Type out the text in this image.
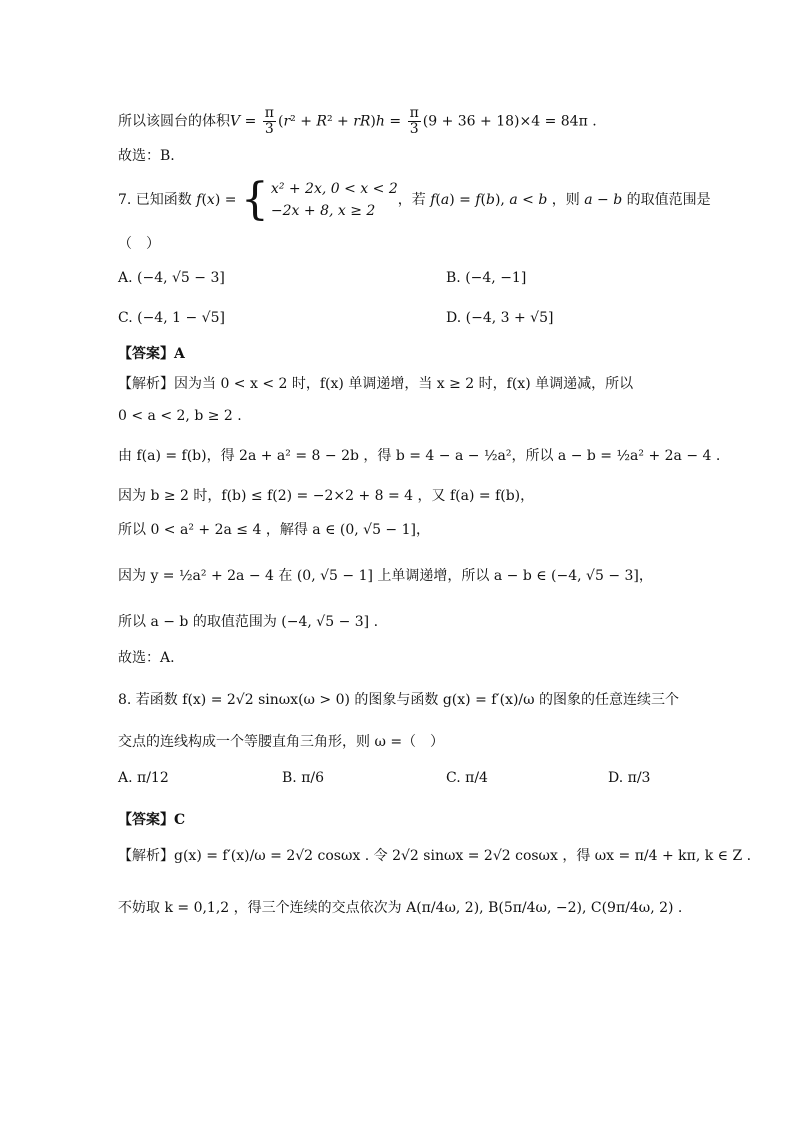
所以该圆台的体积$V = \frac{\pi}{3} (r^2 + R^2 + rR)h = \frac{\pi}{3} (9 + 36 + 18)\times 4 = 84\pi$ .
故选：B.
7. 已知函数 f(x) = { x² + 2x, 0 < x < 2
−2x + 8, x ≥ 2
，若 f(a) = f(b), a < b ，则 a − b 的取值范围是
（　）
A. (−4, √5 − 3]	B. (−4, −1]
C. (−4, 1 − √5]	D. (−4, 3 + √5]
【答案】A
【解析】因为当 0 < x < 2 时，f(x) 单调递增，当 x ≥ 2 时，f(x) 单调递减，所以
0 < a < 2, b ≥ 2 .
由 f(a) = f(b)，得 2a + a² = 8 − 2b ，得 b = 4 − a − ½a²，所以 a − b = ½a² + 2a − 4 .
因为 b ≥ 2 时，f(b) ≤ f(2) = −2×2 + 8 = 4 ，又 f(a) = f(b)，
所以 0 < a² + 2a ≤ 4 ，解得 a ∈ (0, √5 − 1]，
因为 y = ½a² + 2a − 4 在 (0, √5 − 1] 上单调递增，所以 a − b ∈ (−4, √5 − 3]，
所以 a − b 的取值范围为 (−4, √5 − 3] .
故选：A.
8. 若函数 f(x) = 2√2 sinωx(ω > 0) 的图象与函数 g(x) = f′(x)/ω 的图象的任意连续三个
交点的连线构成一个等腰直角三角形，则 ω =（　）
A. π/12	B. π/6	C. π/4	D. π/3
【答案】C
【解析】g(x) = f′(x)/ω = 2√2 cosωx . 令 2√2 sinωx = 2√2 cosωx ，得 ωx = π/4 + kπ, k ∈ Z .
不妨取 k = 0,1,2 ，得三个连续的交点依次为 A(π/4ω, 2), B(5π/4ω, −2), C(9π/4ω, 2) .
